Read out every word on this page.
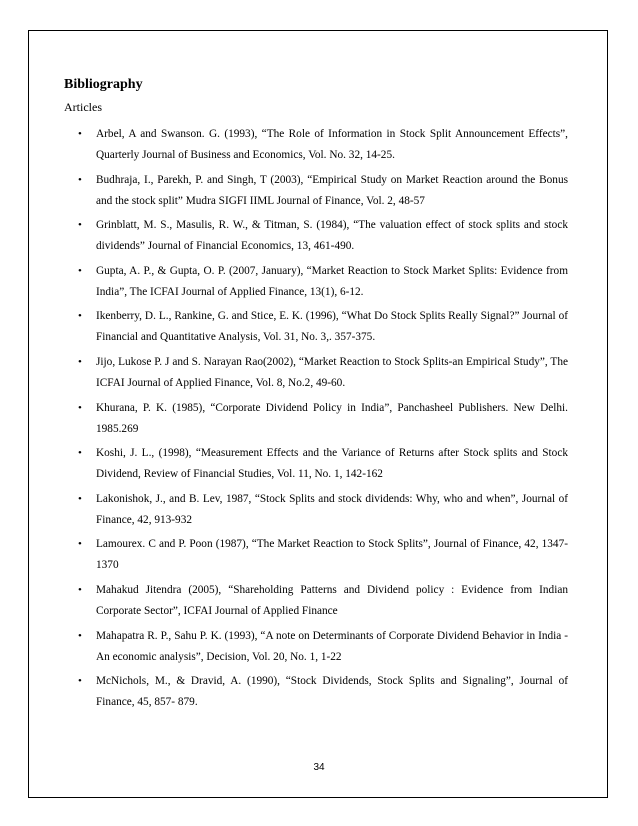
Bibliography
Articles
• Arbel, A and Swanson. G. (1993), “The Role of Information in Stock Split Announcement Effects”, Quarterly Journal of Business and Economics, Vol. No. 32, 14-25.
• Budhraja, I., Parekh, P. and Singh, T (2003), “Empirical Study on Market Reaction around the Bonus and the stock split” Mudra SIGFI IIML Journal of Finance, Vol. 2, 48-57
• Grinblatt, M. S., Masulis, R. W., & Titman, S. (1984), “The valuation effect of stock splits and stock dividends” Journal of Financial Economics, 13, 461-490.
• Gupta, A. P., & Gupta, O. P. (2007, January), “Market Reaction to Stock Market Splits: Evidence from India”, The ICFAI Journal of Applied Finance, 13(1), 6-12.
• Ikenberry, D. L., Rankine, G. and Stice, E. K. (1996), “What Do Stock Splits Really Signal?” Journal of Financial and Quantitative Analysis, Vol. 31, No. 3,. 357-375.
• Jijo, Lukose P. J and S. Narayan Rao(2002), “Market Reaction to Stock Splits-an Empirical Study”, The ICFAI Journal of Applied Finance, Vol. 8, No.2, 49-60.
• Khurana, P. K. (1985), “Corporate Dividend Policy in India”, Panchasheel Publishers. New Delhi. 1985.269
• Koshi, J. L., (1998), “Measurement Effects and the Variance of Returns after Stock splits and Stock Dividend, Review of Financial Studies, Vol. 11, No. 1, 142-162
• Lakonishok, J., and B. Lev, 1987, “Stock Splits and stock dividends: Why, who and when”, Journal of Finance, 42, 913-932
• Lamourex. C and P. Poon (1987), “The Market Reaction to Stock Splits”, Journal of Finance, 42, 1347-1370
• Mahakud Jitendra (2005), “Shareholding Patterns and Dividend policy : Evidence from Indian Corporate Sector”, ICFAI Journal of Applied Finance
• Mahapatra R. P., Sahu P. K. (1993), “A note on Determinants of Corporate Dividend Behavior in India - An economic analysis”, Decision, Vol. 20, No. 1, 1-22
• McNichols, M., & Dravid, A. (1990), “Stock Dividends, Stock Splits and Signaling”, Journal of Finance, 45, 857- 879.
34
